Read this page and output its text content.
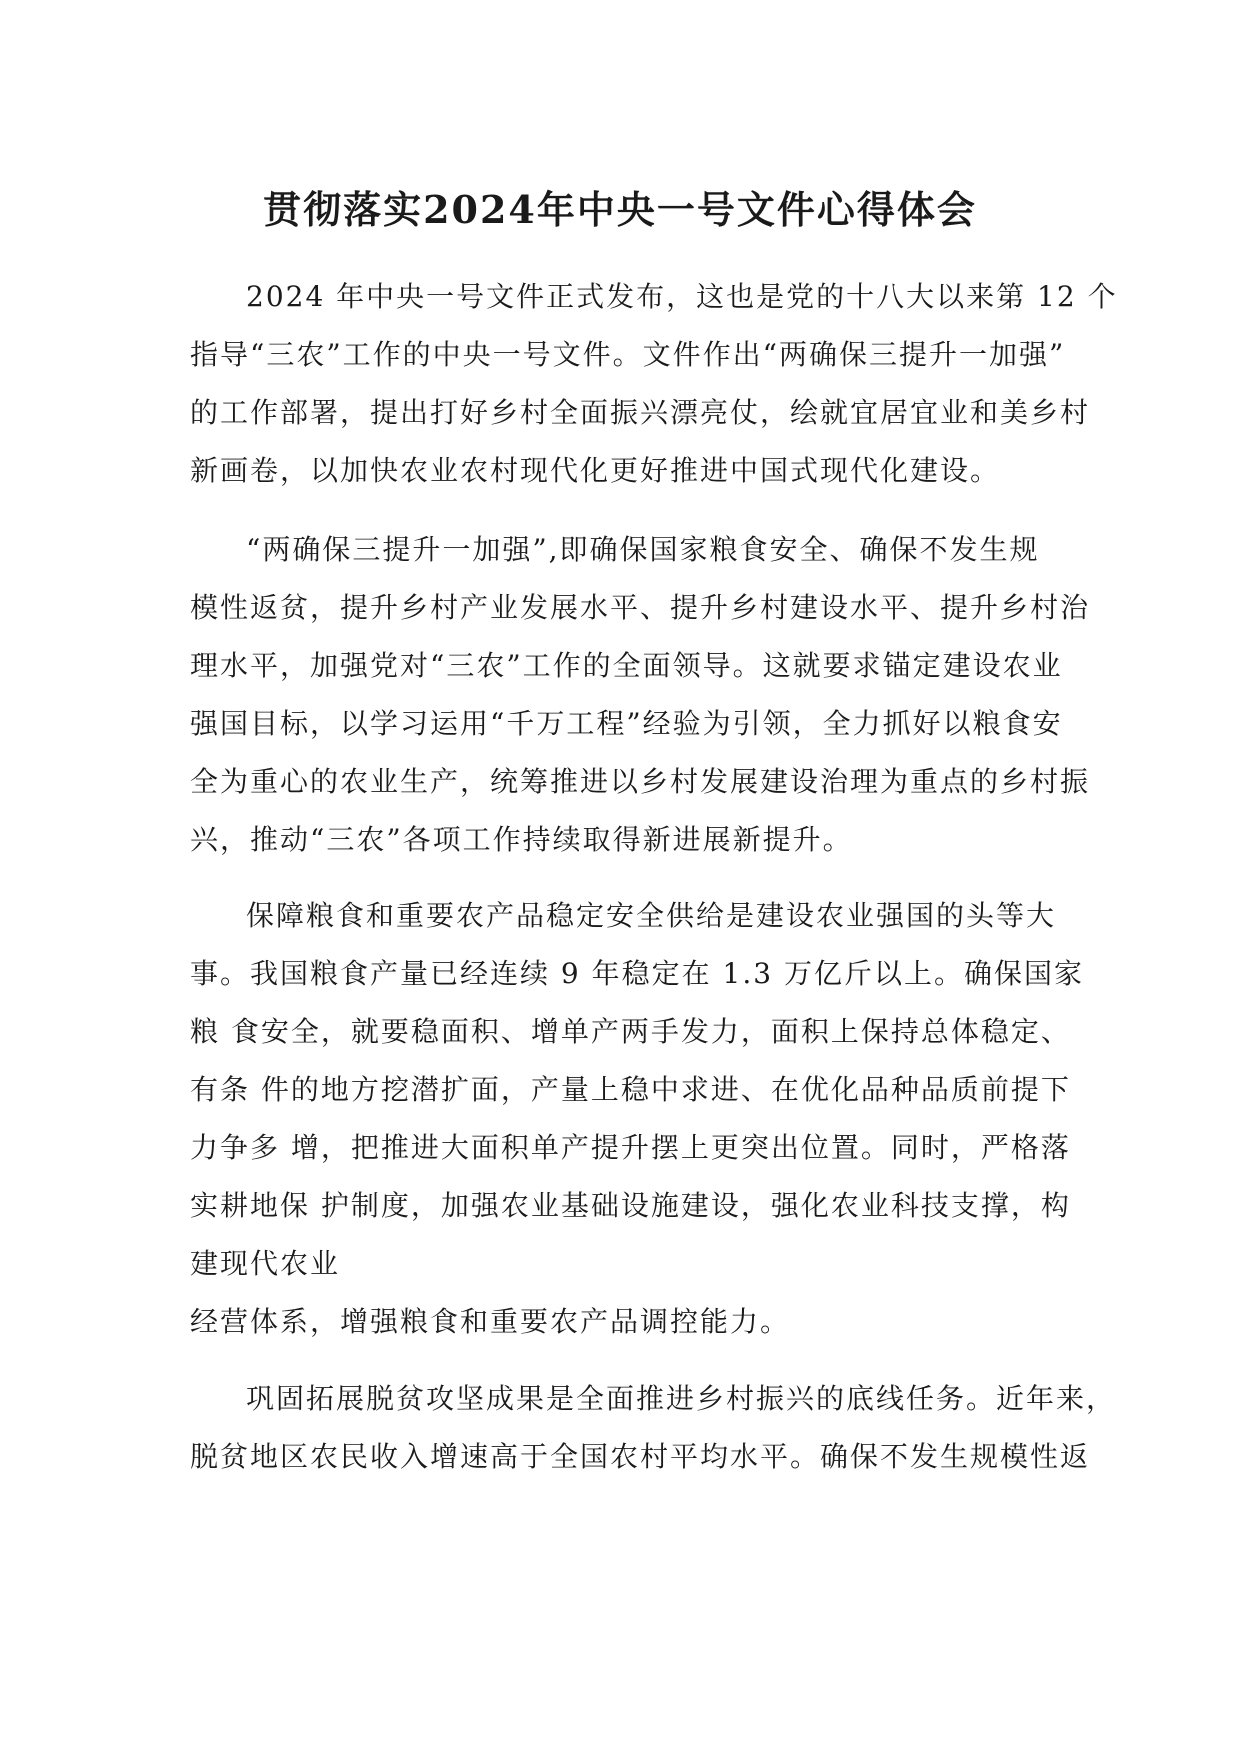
贯彻落实2024年中央一号文件心得体会
2024 年中央一号文件正式发布，这也是党的十八大以来第 12 个
指导“三农”工作的中央一号文件。文件作出“两确保三提升一加强”
的工作部署，提出打好乡村全面振兴漂亮仗，绘就宜居宜业和美乡村
新画卷，以加快农业农村现代化更好推进中国式现代化建设。
“两确保三提升一加强”,即确保国家粮食安全、确保不发生规
模性返贫，提升乡村产业发展水平、提升乡村建设水平、提升乡村治
理水平，加强党对“三农”工作的全面领导。这就要求锚定建设农业
强国目标，以学习运用“千万工程”经验为引领，全力抓好以粮食安
全为重心的农业生产，统筹推进以乡村发展建设治理为重点的乡村振
兴，推动“三农”各项工作持续取得新进展新提升。
保障粮食和重要农产品稳定安全供给是建设农业强国的头等大
事。我国粮食产量已经连续 9 年稳定在 1.3 万亿斤以上。确保国家
粮 食安全，就要稳面积、增单产两手发力，面积上保持总体稳定、
有条 件的地方挖潜扩面，产量上稳中求进、在优化品种品质前提下
力争多 增，把推进大面积单产提升摆上更突出位置。同时，严格落
实耕地保 护制度，加强农业基础设施建设，强化农业科技支撑，构
建现代农业
经营体系，增强粮食和重要农产品调控能力。
巩固拓展脱贫攻坚成果是全面推进乡村振兴的底线任务。近年来，
脱贫地区农民收入增速高于全国农村平均水平。确保不发生规模性返
